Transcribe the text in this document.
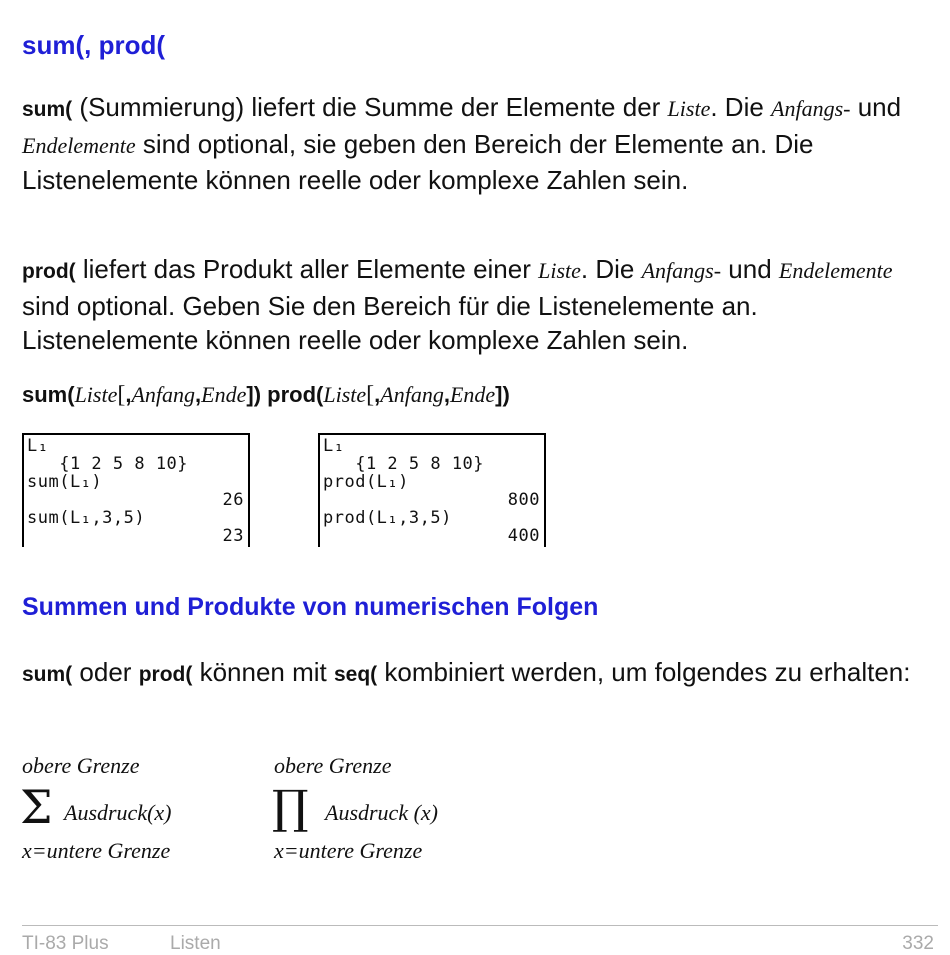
sum(, prod(
sum( (Summierung) liefert die Summe der Elemente der Liste. Die Anfangs- und Endelemente sind optional, sie geben den Bereich der Elemente an. Die Listenelemente können reelle oder komplexe Zahlen sein.
prod( liefert das Produkt aller Elemente einer Liste. Die Anfangs- und Endelemente sind optional. Geben Sie den Bereich für die Listenelemente an. Listenelemente können reelle oder komplexe Zahlen sein.
sum(Liste[,Anfang,Ende]) prod(Liste[,Anfang,Ende])
L₁
{1 2 5 8 10}
sum(L₁)
26
sum(L₁,3,5)
23
L₁
{1 2 5 8 10}
prod(L₁)
800
prod(L₁,3,5)
400
Summen und Produkte von numerischen Folgen
sum( oder prod( können mit seq( kombiniert werden, um folgendes zu erhalten:
obere Grenze
Σ Ausdruck(x)
x=untere Grenze
obere Grenze
∏ Ausdruck (x)
x=untere Grenze
TI-83 Plus	Listen	332
